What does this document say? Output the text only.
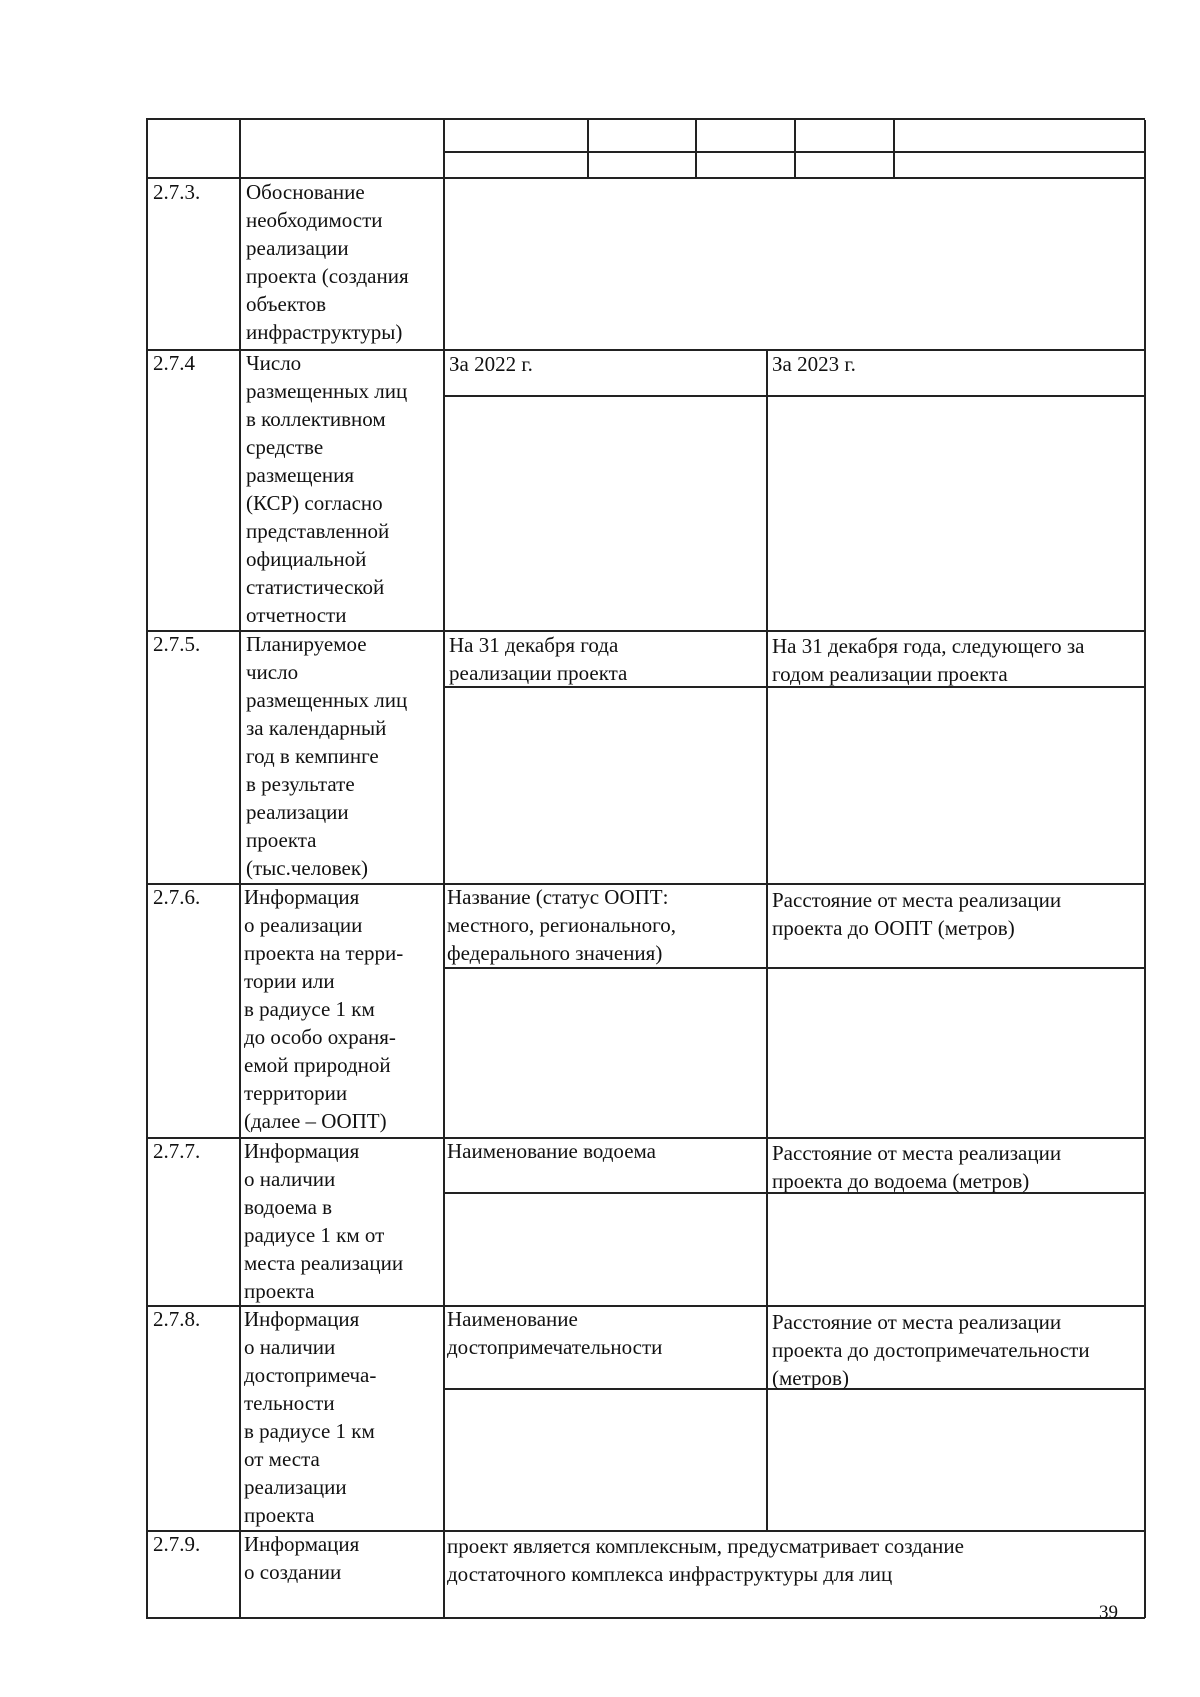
2.7.3. Обоснование
необходимости
реализации
проекта (создания
объектов
инфраструктуры)
2.7.4 Число
размещенных лиц
в коллективном
средстве
размещения
(КСР) согласно
представленной
официальной
статистической
отчетности
За 2022 г.	За 2023 г.
2.7.5. Планируемое
число
размещенных лиц
за календарный
год в кемпинге
в результате
реализации
проекта
(тыс.человек)
На 31 декабря года
реализации проекта
На 31 декабря года, следующего за
годом реализации проекта
2.7.6. Информация
о реализации
проекта на терри-
тории или
в радиусе 1 км
до особо охраня-
емой природной
территории
(далее – ООПТ)
Название (статус ООПТ:
местного, регионального,
федерального значения)
Расстояние от места реализации
проекта до ООПТ (метров)
2.7.7. Информация
о наличии
водоема в
радиусе 1 км от
места реализации
проекта
Наименование водоема	Расстояние от места реализации
проекта до водоема (метров)
2.7.8. Информация
о наличии
достопримеча-
тельности
в радиусе 1 км
от места
реализации
проекта
Наименование
достопримечательности
Расстояние от места реализации
проекта до достопримечательности
(метров)
2.7.9. Информация
о создании
проект является комплексным, предусматривает создание
достаточного комплекса инфраструктуры для лиц
39
